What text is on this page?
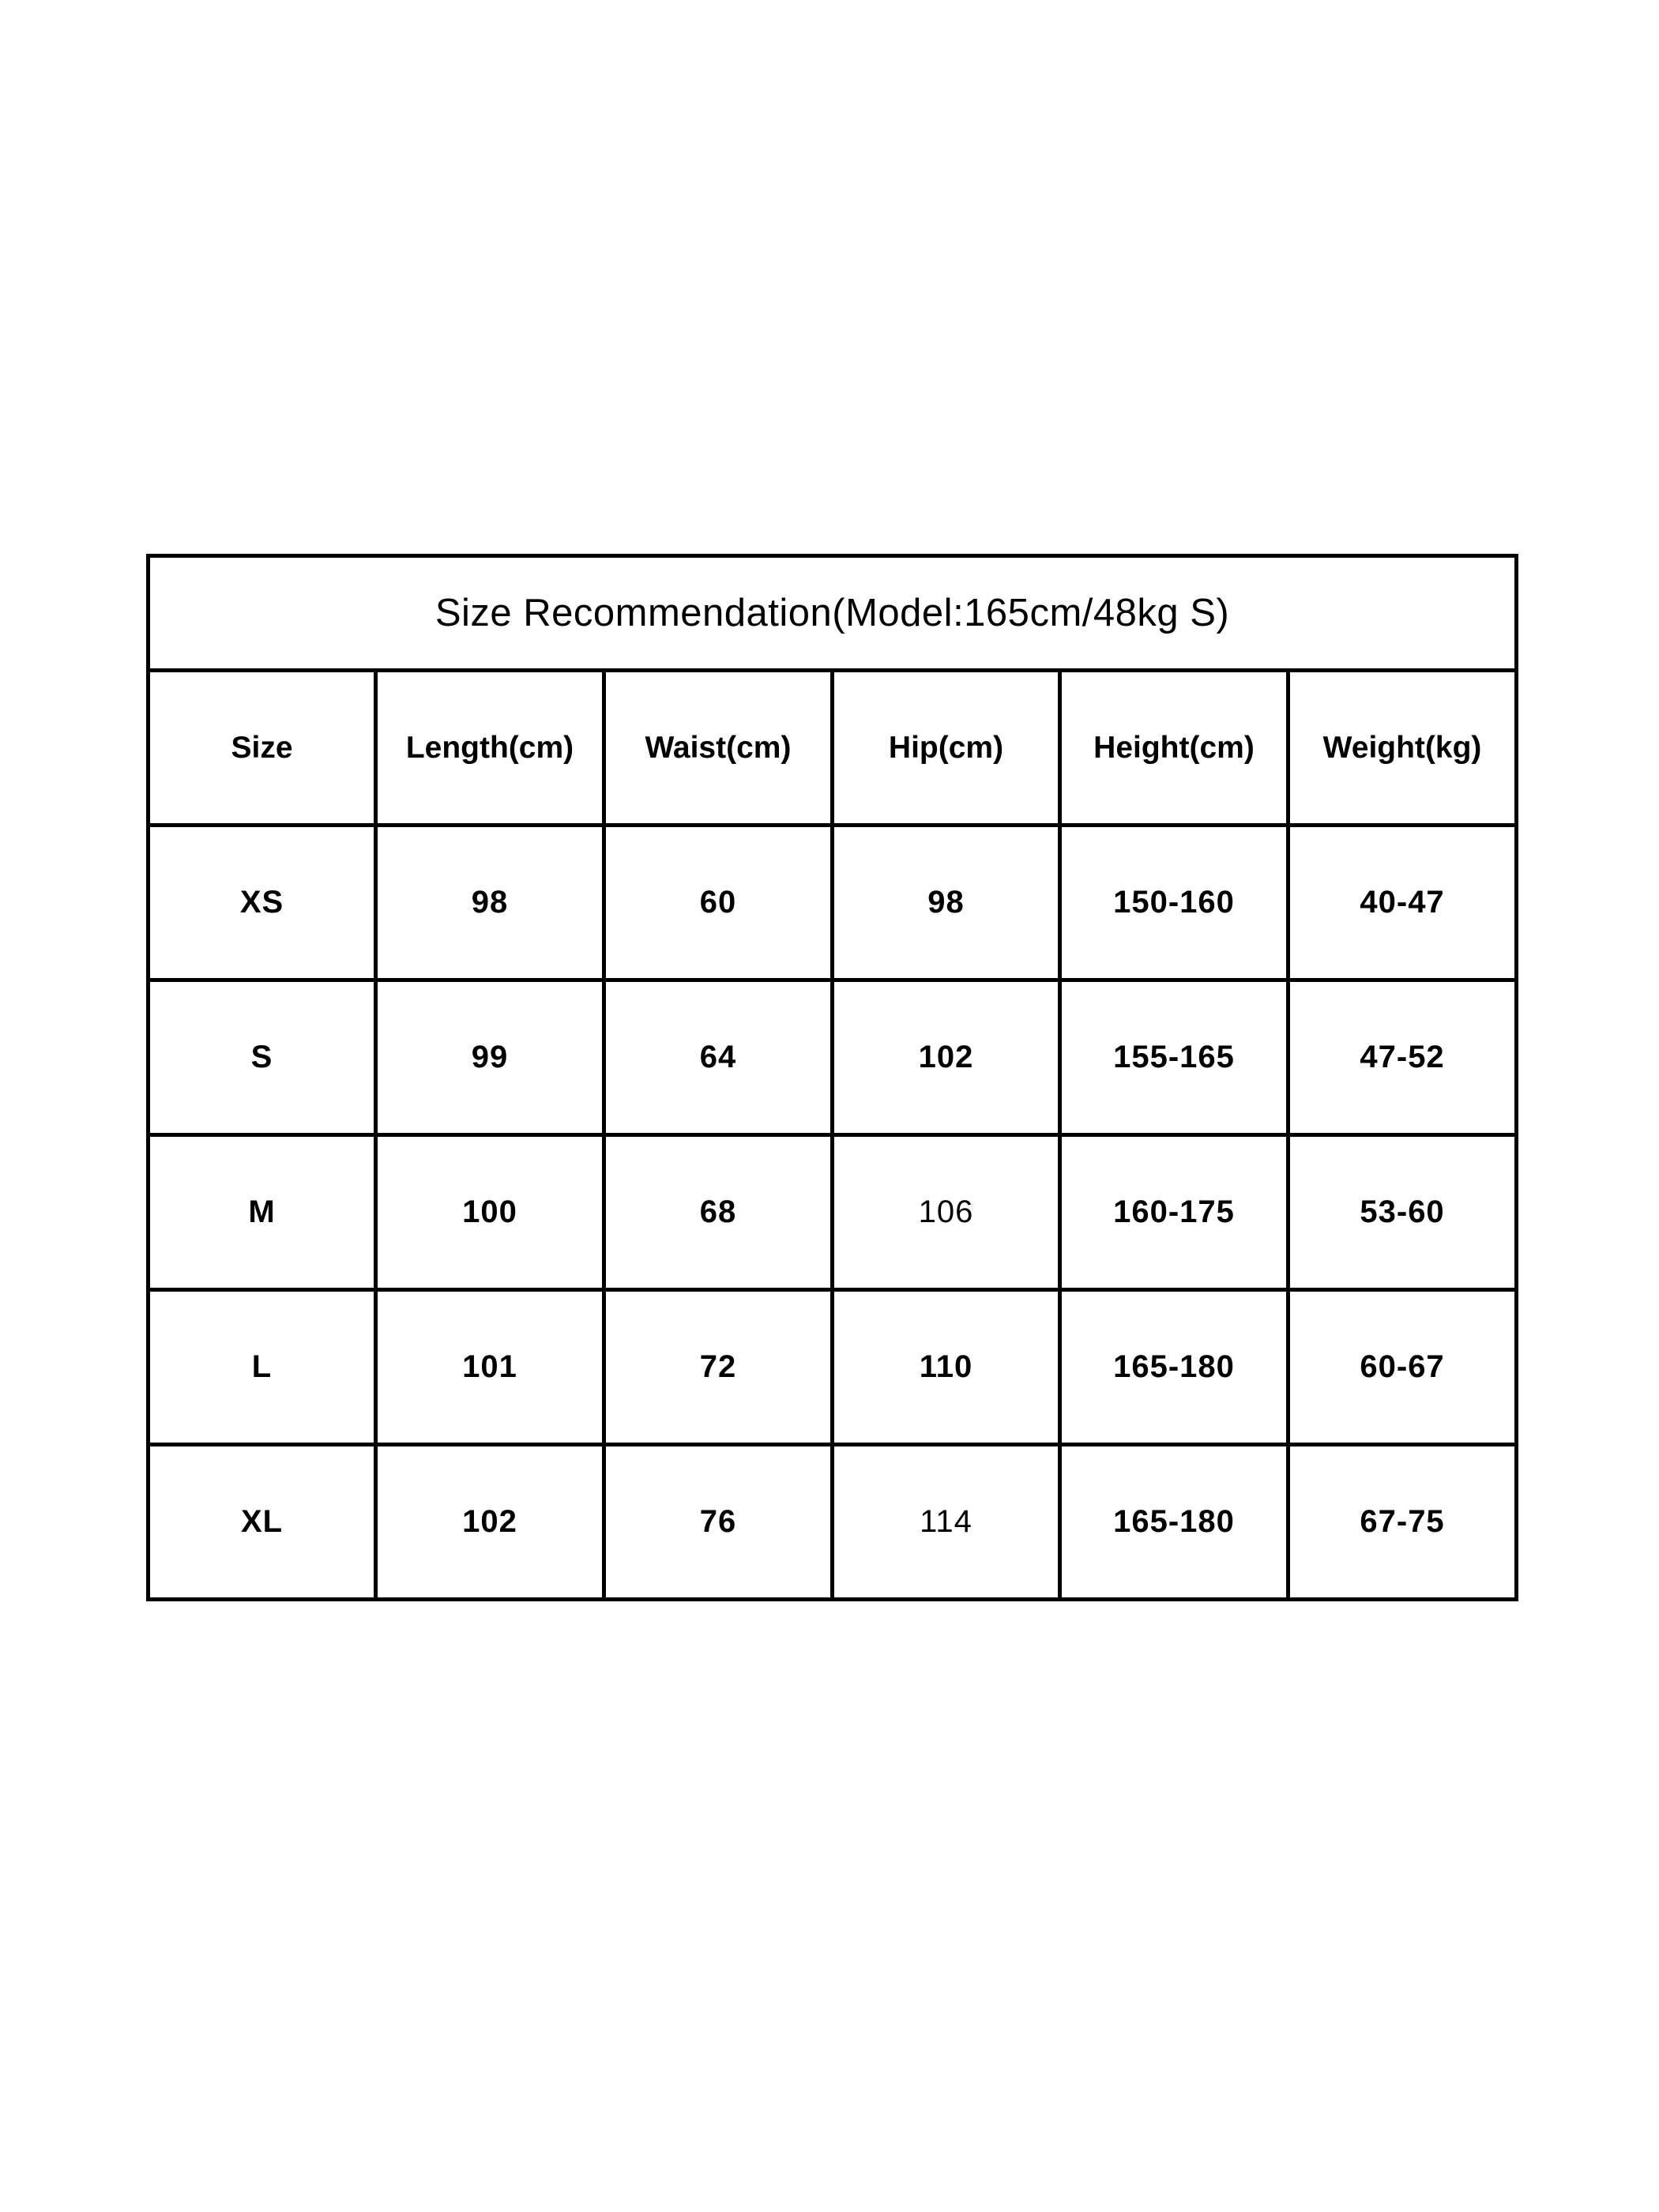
Size Recommendation(Model:165cm/48kg S)					
Size	Length(cm)	Waist(cm)	Hip(cm)	Height(cm)	Weight(kg)
XS	98	60	98	150-160	40-47
S	99	64	102	155-165	47-52
M	100	68	106	160-175	53-60
L	101	72	110	165-180	60-67
XL	102	76	114	165-180	67-75
